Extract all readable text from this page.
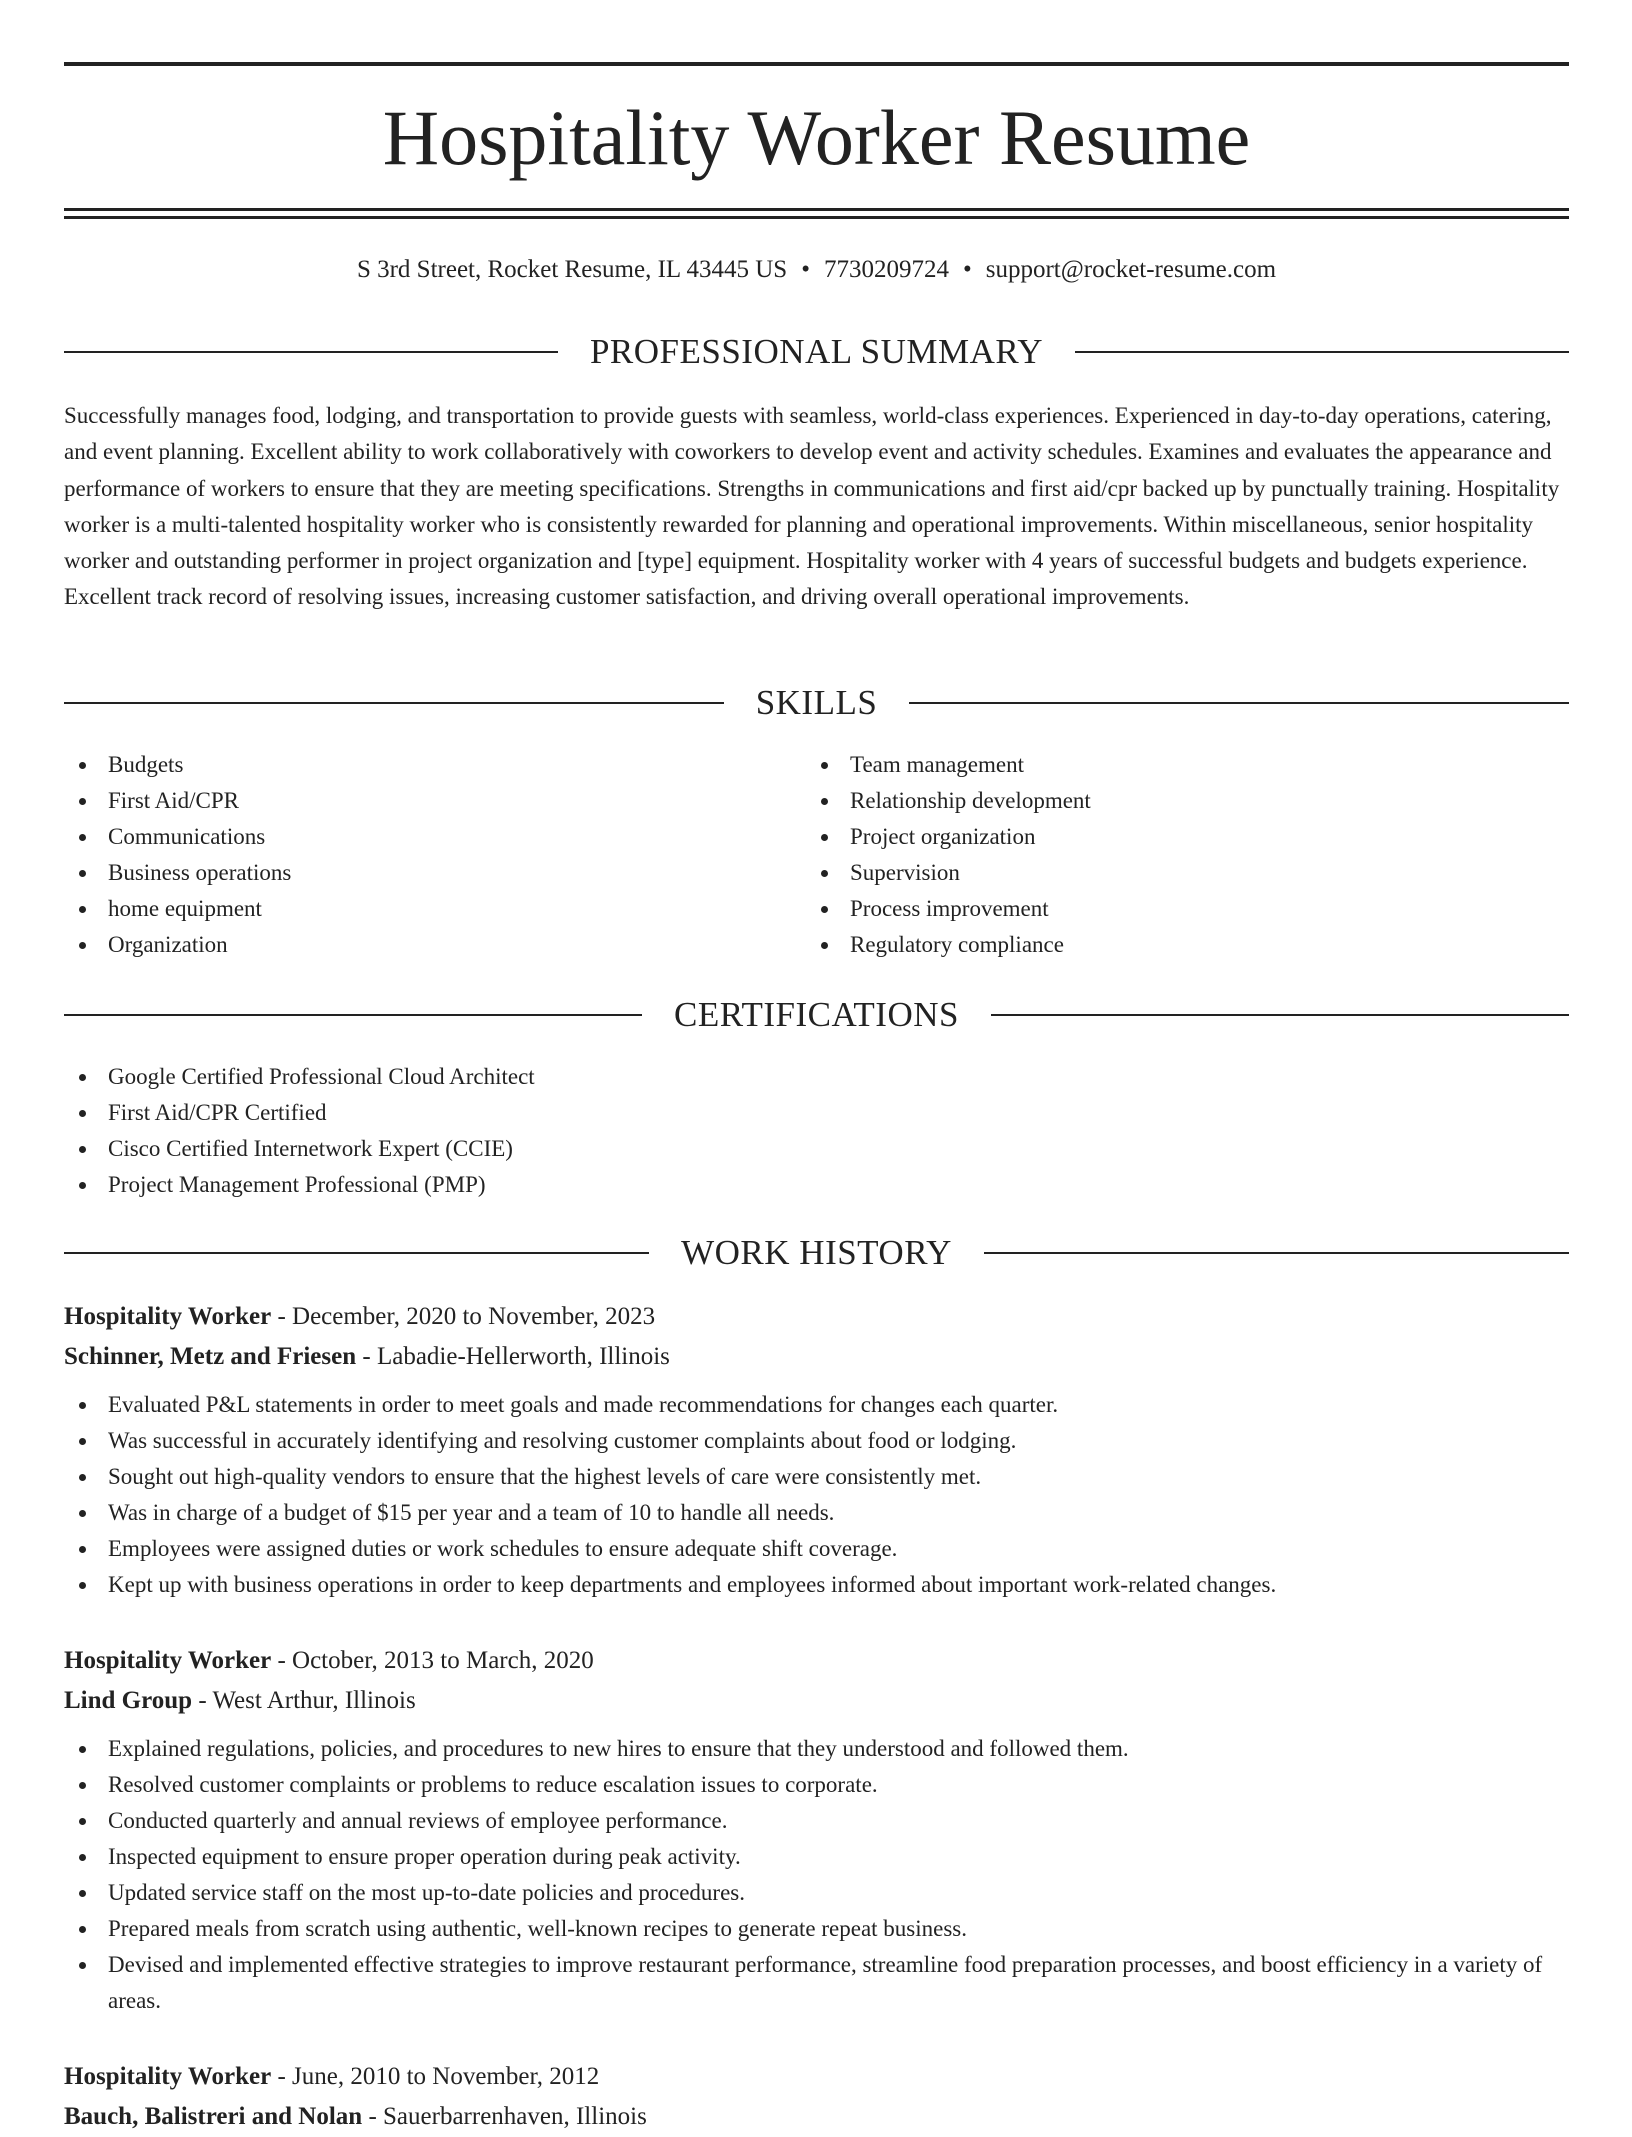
Hospitality Worker Resume
S 3rd Street, Rocket Resume, IL 43445 US • 7730209724 • support@rocket-resume.com
PROFESSIONAL SUMMARY

Successfully manages food, lodging, and transportation to provide guests with seamless, world-class experiences. Experienced in day-to-day operations, catering, and event planning. Excellent ability to work collaboratively with coworkers to develop event and activity schedules. Examines and evaluates the appearance and performance of workers to ensure that they are meeting specifications. Strengths in communications and first aid/cpr backed up by punctually training. Hospitality worker is a multi-talented hospitality worker who is consistently rewarded for planning and operational improvements. Within miscellaneous, senior hospitality worker and outstanding performer in project organization and [type] equipment. Hospitality worker with 4 years of successful budgets and budgets experience. Excellent track record of resolving issues, increasing customer satisfaction, and driving overall operational improvements.

SKILLS
Budgets
First Aid/CPR
Communications
Business operations
home equipment
Organization
Team management
Relationship development
Project organization
Supervision
Process improvement
Regulatory compliance
CERTIFICATIONS
Google Certified Professional Cloud Architect
First Aid/CPR Certified
Cisco Certified Internetwork Expert (CCIE)
Project Management Professional (PMP)
WORK HISTORY
Hospitality Worker - December, 2020 to November, 2023
Schinner, Metz and Friesen - Labadie-Hellerworth, Illinois
Evaluated P&L statements in order to meet goals and made recommendations for changes each quarter.
Was successful in accurately identifying and resolving customer complaints about food or lodging.
Sought out high-quality vendors to ensure that the highest levels of care were consistently met.
Was in charge of a budget of $15 per year and a team of 10 to handle all needs.
Employees were assigned duties or work schedules to ensure adequate shift coverage.
Kept up with business operations in order to keep departments and employees informed about important work-related changes.
Hospitality Worker - October, 2013 to March, 2020
Lind Group - West Arthur, Illinois
Explained regulations, policies, and procedures to new hires to ensure that they understood and followed them.
Resolved customer complaints or problems to reduce escalation issues to corporate.
Conducted quarterly and annual reviews of employee performance.
Inspected equipment to ensure proper operation during peak activity.
Updated service staff on the most up-to-date policies and procedures.
Prepared meals from scratch using authentic, well-known recipes to generate repeat business.
Devised and implemented effective strategies to improve restaurant performance, streamline food preparation processes, and boost efficiency in a variety of areas.
Hospitality Worker - June, 2010 to November, 2012
Bauch, Balistreri and Nolan - Sauerbarrenhaven, Illinois
